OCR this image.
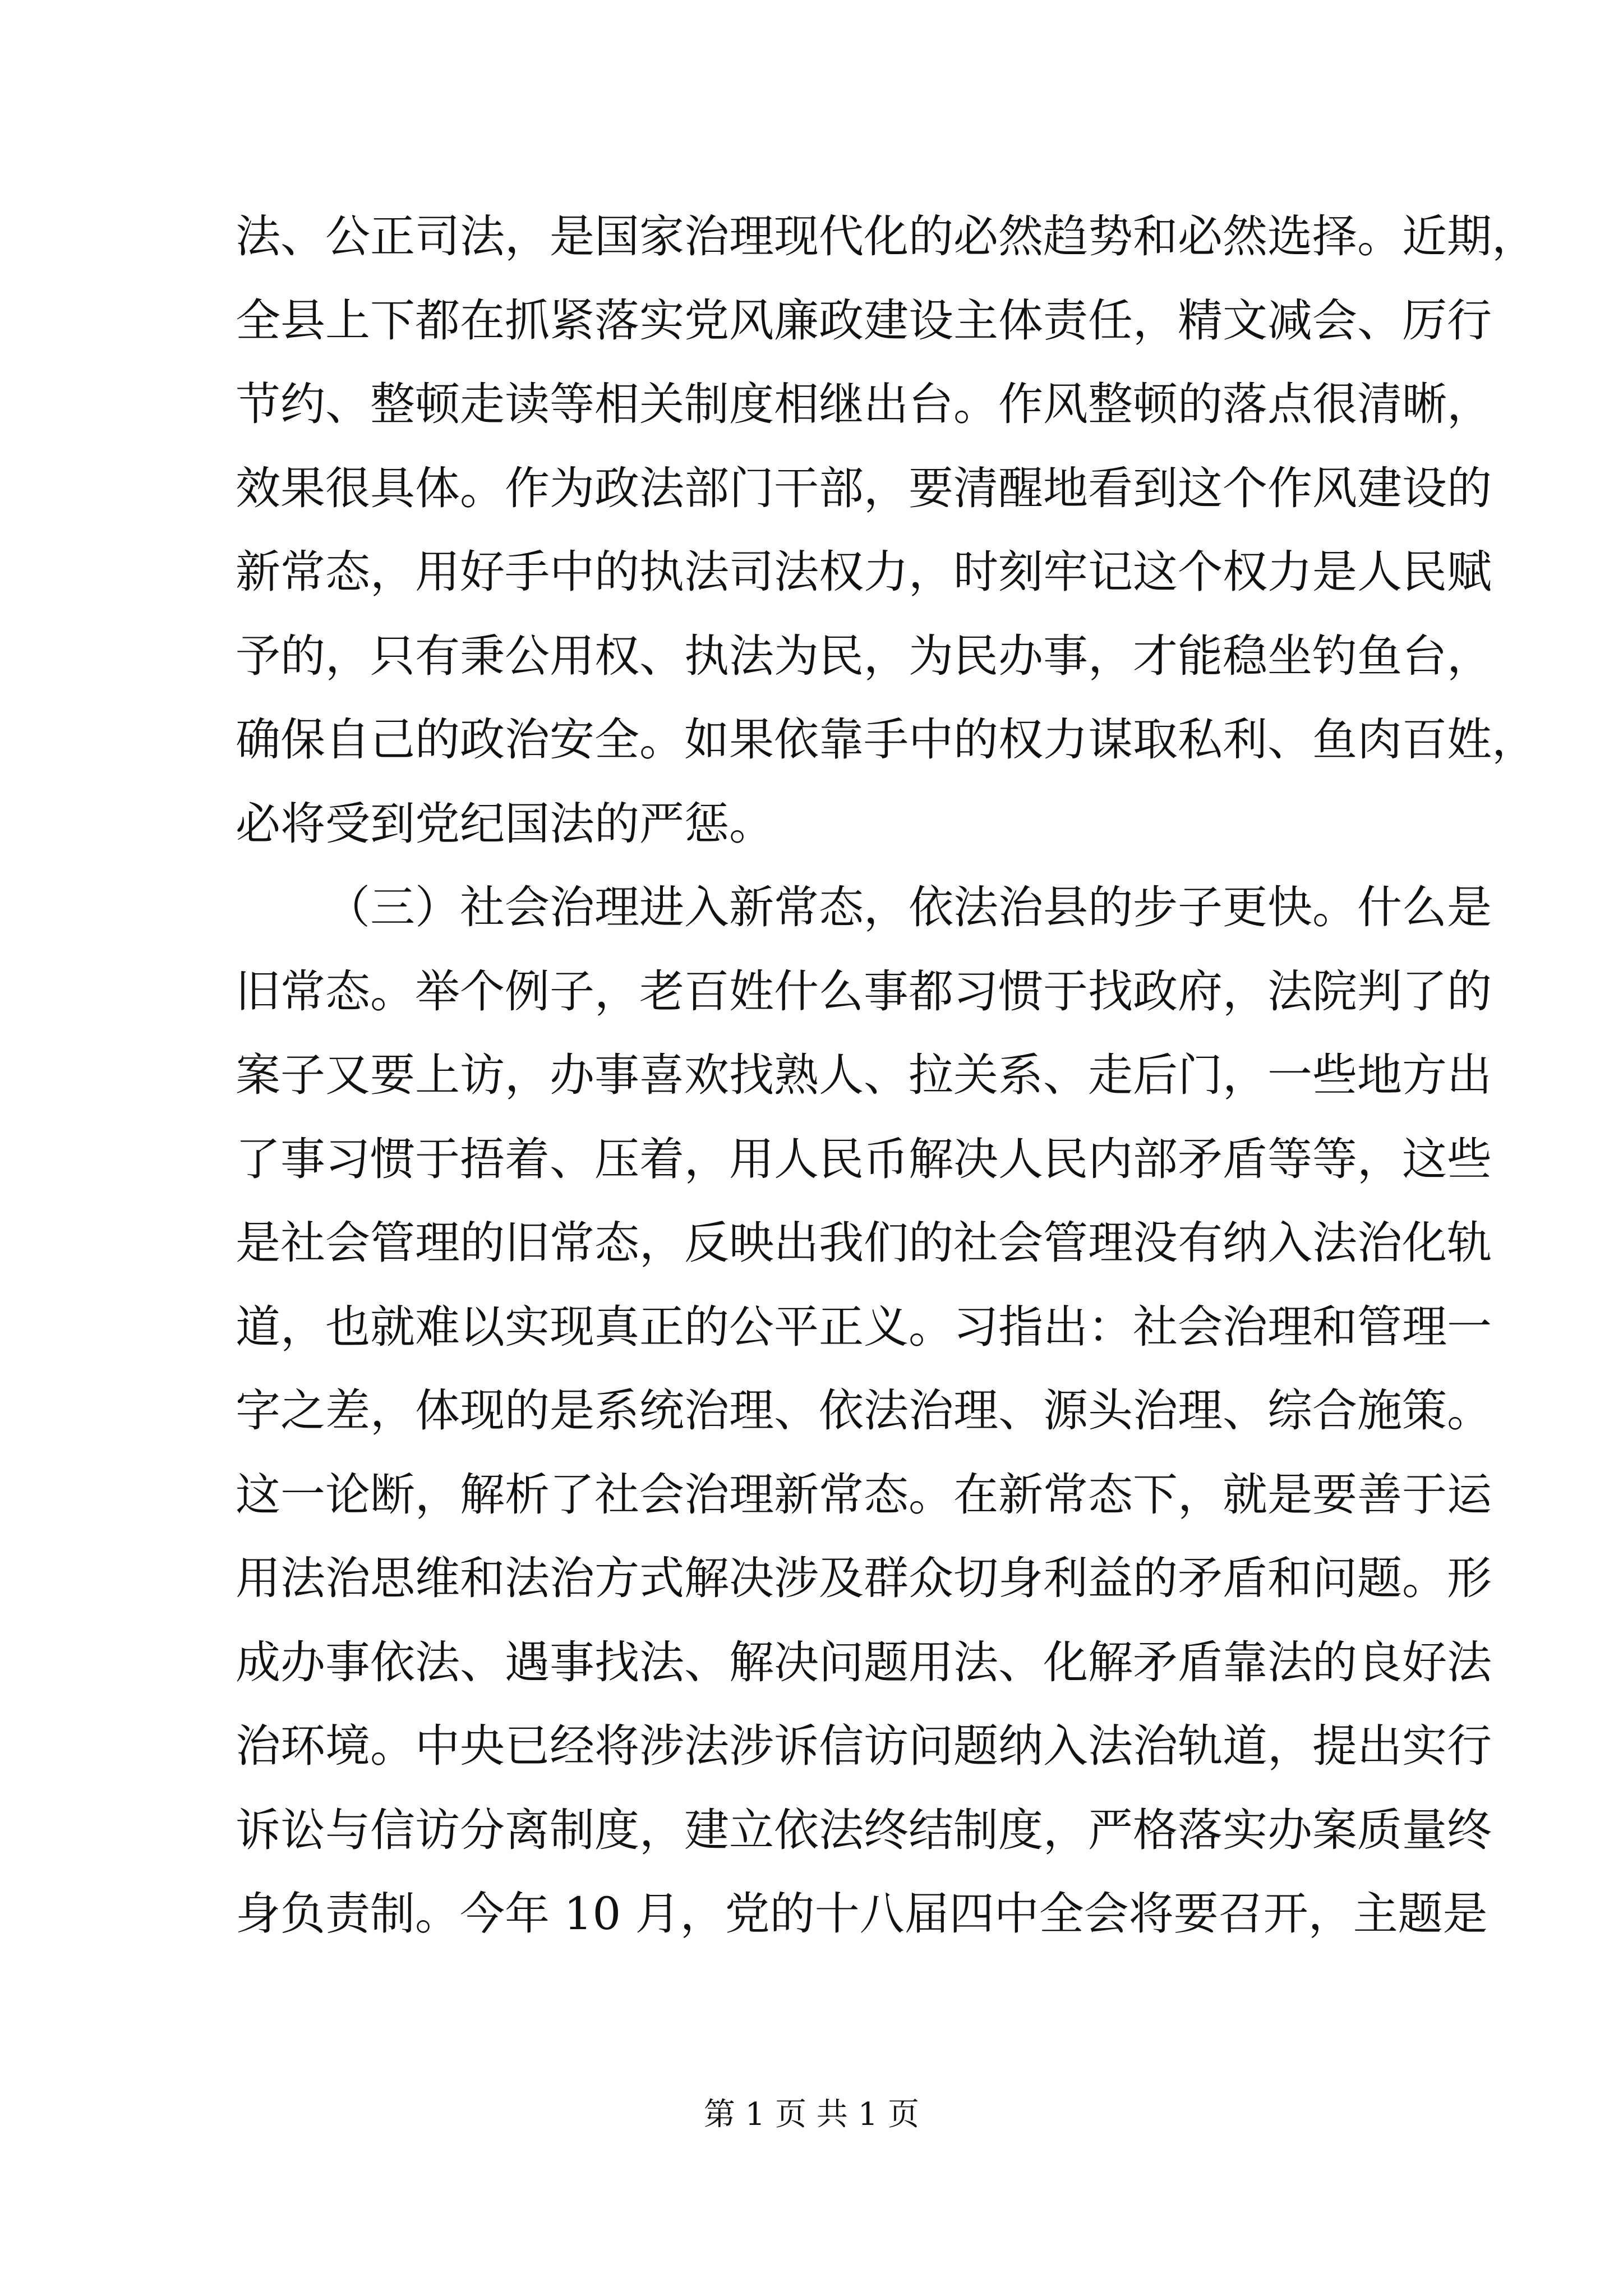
法、公正司法，是国家治理现代化的必然趋势和必然选择。近期，
全县上下都在抓紧落实党风廉政建设主体责任，精文减会、厉行
节约、整顿走读等相关制度相继出台。作风整顿的落点很清晰，
效果很具体。作为政法部门干部，要清醒地看到这个作风建设的
新常态，用好手中的执法司法权力，时刻牢记这个权力是人民赋
予的，只有秉公用权、执法为民，为民办事，才能稳坐钓鱼台，
确保自己的政治安全。如果依靠手中的权力谋取私利、鱼肉百姓，
必将受到党纪国法的严惩。
（三）社会治理进入新常态，依法治县的步子更快。什么是
旧常态。举个例子，老百姓什么事都习惯于找政府，法院判了的
案子又要上访，办事喜欢找熟人、拉关系、走后门，一些地方出
了事习惯于捂着、压着，用人民币解决人民内部矛盾等等，这些
是社会管理的旧常态，反映出我们的社会管理没有纳入法治化轨
道，也就难以实现真正的公平正义。习指出：社会治理和管理一
字之差，体现的是系统治理、依法治理、源头治理、综合施策。
这一论断，解析了社会治理新常态。在新常态下，就是要善于运
用法治思维和法治方式解决涉及群众切身利益的矛盾和问题。形
成办事依法、遇事找法、解决问题用法、化解矛盾靠法的良好法
治环境。中央已经将涉法涉诉信访问题纳入法治轨道，提出实行
诉讼与信访分离制度，建立依法终结制度，严格落实办案质量终
身负责制。今年 10 月，党的十八届四中全会将要召开，主题是
第 1 页 共 1 页
